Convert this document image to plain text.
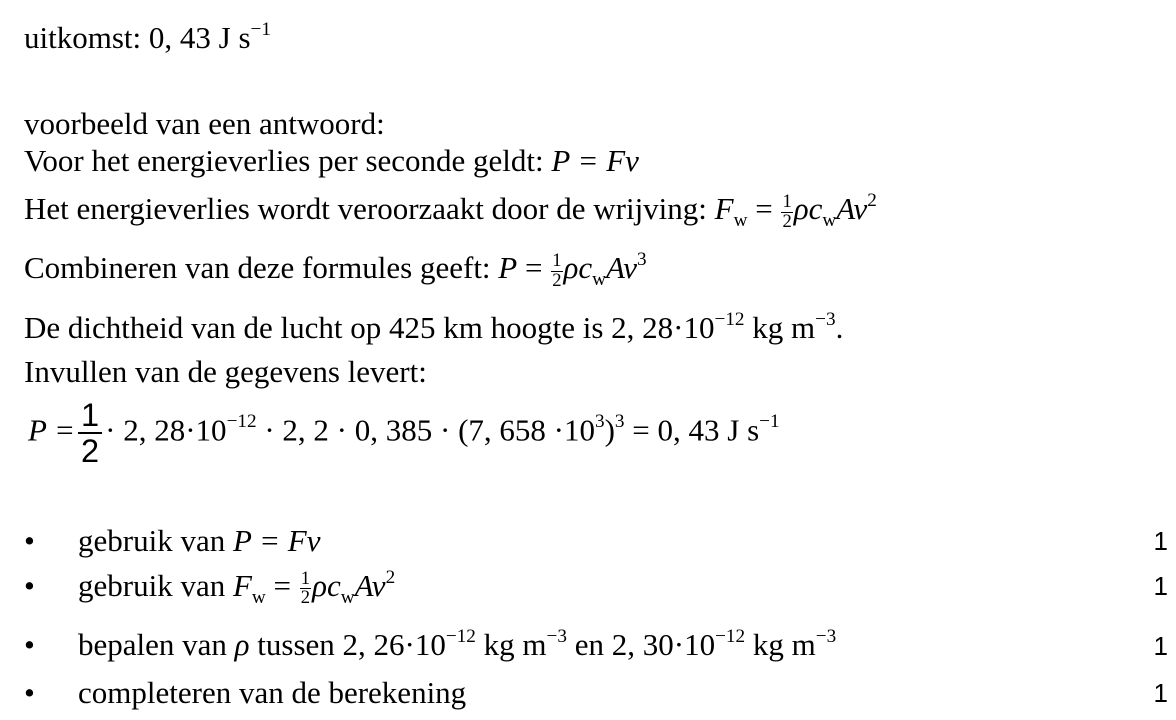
uitkomst: 0, 43 J $s^{-1}$
voorbeeld van een antwoord:
Voor het energieverlies per seconde geldt: P = Fv
Het energieverlies wordt veroorzaakt door de wrijving: $F_w = \frac{1}{2} \rho c_wAv^2$
Combineren van deze formules geeft: $P = \frac{1}{2} \rho c_wAv^3$
De dichtheid van de lucht op 425 km hoogte is 2, $28\cdot 10^{-12}$ kg $m^{-3}$.
Invullen van de gegevens levert:
$P = \frac{1}{2} \cdot 2$, $28\cdot 10^{-12} \cdot 2$, 2 · 0, 385 · (7, $658 \cdot 10^3)^3 = 0$, 43 J $s^{-1}$
• gebruik van P = Fv	1
• gebruik van $F_w = \frac{1}{2} \rho c_wAv^2$	1
• bepalen van ρ tussen 2, $26\cdot 10^{-12}$ kg $m^{-3}$ en 2, $30\cdot 10^{-12}$ kg $m^{-3}$	1
• completeren van de berekening	1
